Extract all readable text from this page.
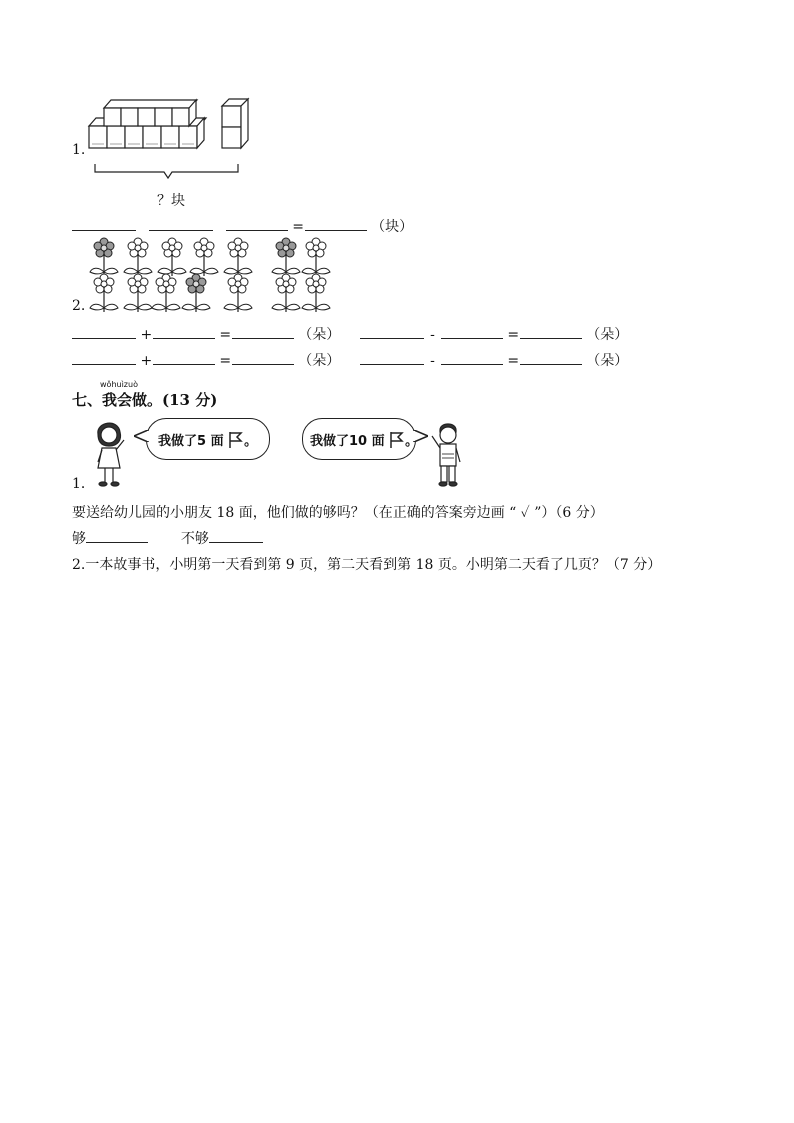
1.
？块
=	（块）
2.
+	=	（朵）	-	=	（朵）
+	=	（朵）	-	=	（朵）
wǒhuìzuò
七、我会做。(13 分)
1．
我做了5 面 。	我做了10 面 。
要送给幼儿园的小朋友 18 面，他们做的够吗？（在正确的答案旁边画 “ ✓ ”）（6 分）
够	不够
2.一本故事书，小明第一天看到第 9 页，第二天看到第 18 页。小明第二天看了几页？（7 分）
